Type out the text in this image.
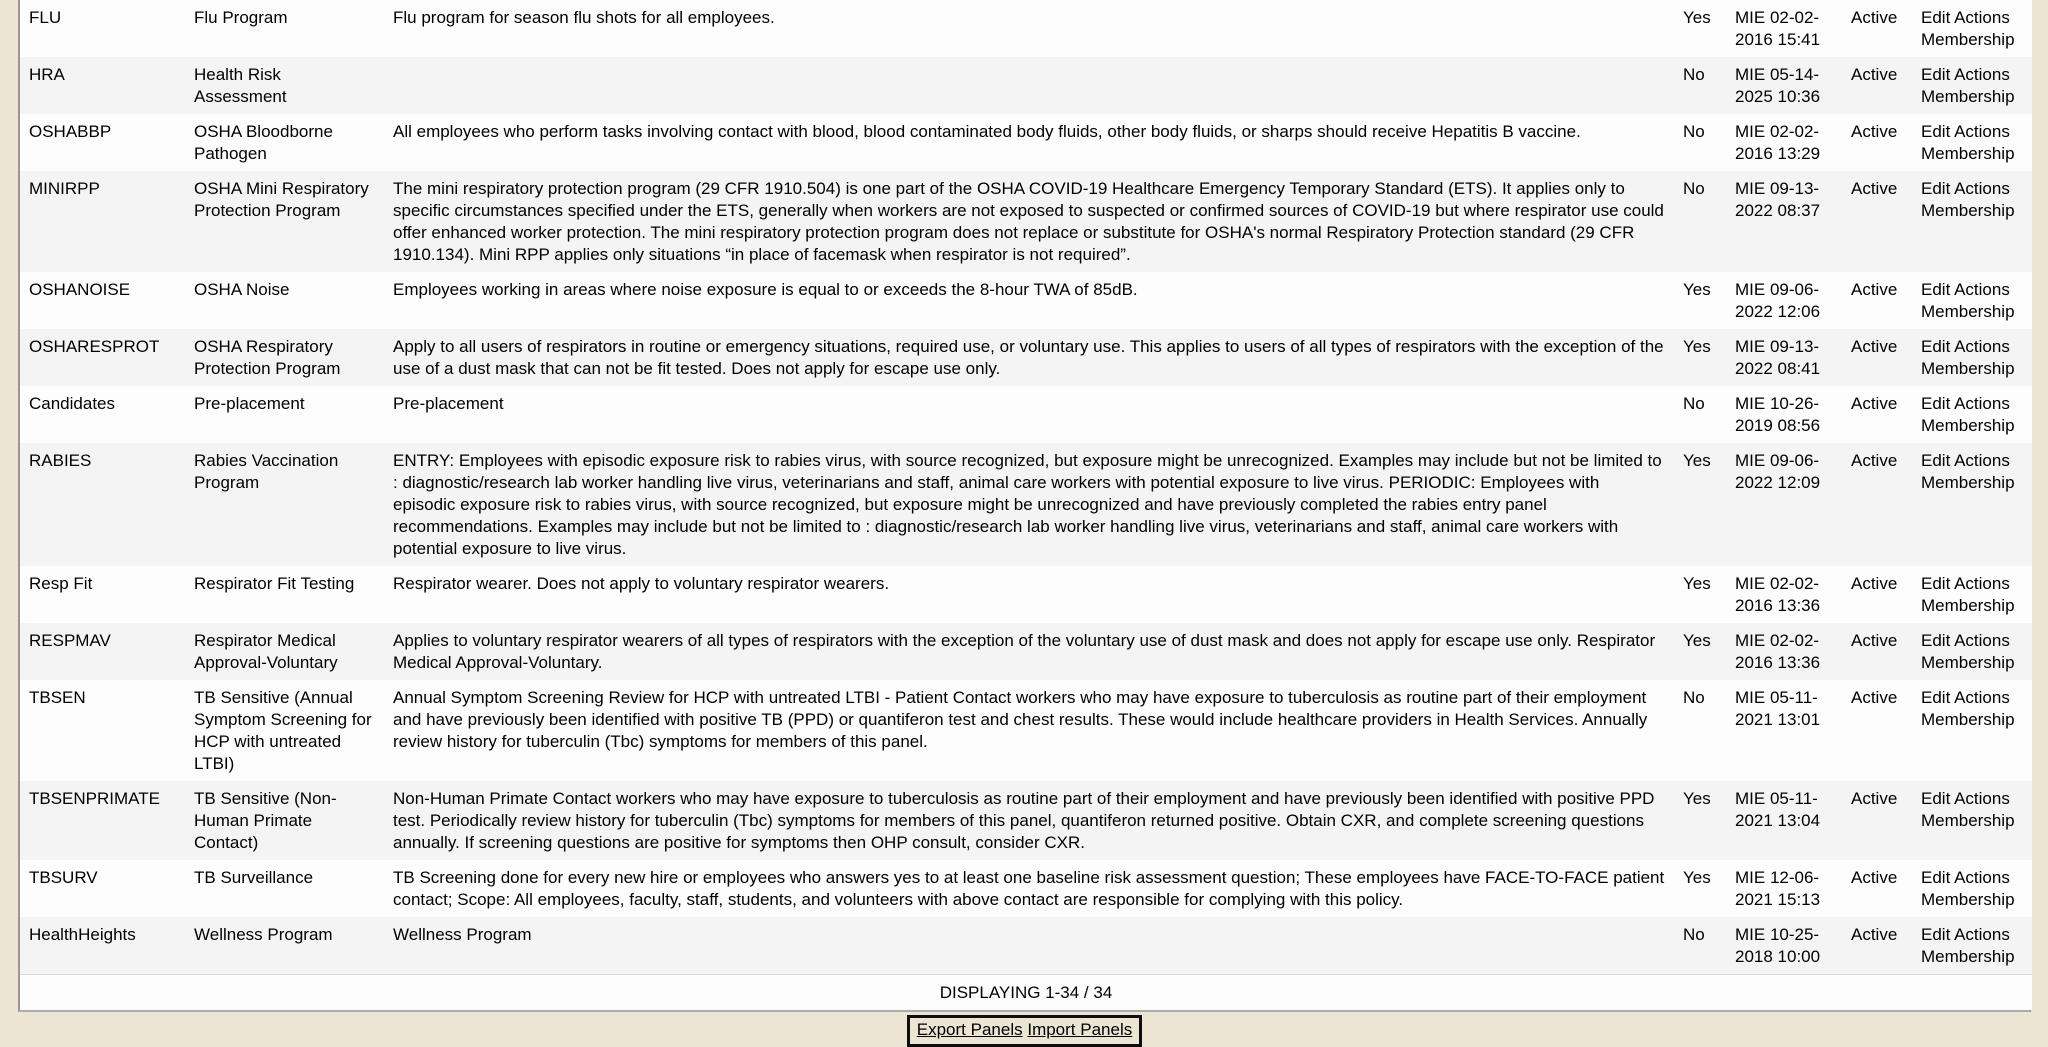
FLU	Flu Program	Flu program for season flu shots for all employees.	Yes	MIE 02-02-2016 15:41	Active	Edit Actions Membership
HRA	Health Risk Assessment		No	MIE 05-14-2025 10:36	Active	Edit Actions Membership
OSHABBP	OSHA Bloodborne Pathogen	All employees who perform tasks involving contact with blood, blood contaminated body fluids, other body fluids, or sharps should receive Hepatitis B vaccine.	No	MIE 02-02-2016 13:29	Active	Edit Actions Membership
MINIRPP	OSHA Mini Respiratory Protection Program	The mini respiratory protection program (29 CFR 1910.504) is one part of the OSHA COVID-19 Healthcare Emergency Temporary Standard (ETS). It applies only to specific circumstances specified under the ETS, generally when workers are not exposed to suspected or confirmed sources of COVID-19 but where respirator use could offer enhanced worker protection. The mini respiratory protection program does not replace or substitute for OSHA's normal Respiratory Protection standard (29 CFR 1910.134). Mini RPP applies only situations “in place of facemask when respirator is not required”.	No	MIE 09-13-2022 08:37	Active	Edit Actions Membership
OSHANOISE	OSHA Noise	Employees working in areas where noise exposure is equal to or exceeds the 8-hour TWA of 85dB.	Yes	MIE 09-06-2022 12:06	Active	Edit Actions Membership
OSHARESPROT	OSHA Respiratory Protection Program	Apply to all users of respirators in routine or emergency situations, required use, or voluntary use. This applies to users of all types of respirators with the exception of the use of a dust mask that can not be fit tested. Does not apply for escape use only.	Yes	MIE 09-13-2022 08:41	Active	Edit Actions Membership
Candidates	Pre-placement	Pre-placement	No	MIE 10-26-2019 08:56	Active	Edit Actions Membership
RABIES	Rabies Vaccination Program	ENTRY: Employees with episodic exposure risk to rabies virus, with source recognized, but exposure might be unrecognized. Examples may include but not be limited to : diagnostic/research lab worker handling live virus, veterinarians and staff, animal care workers with potential exposure to live virus. PERIODIC: Employees with episodic exposure risk to rabies virus, with source recognized, but exposure might be unrecognized and have previously completed the rabies entry panel recommendations. Examples may include but not be limited to : diagnostic/research lab worker handling live virus, veterinarians and staff, animal care workers with potential exposure to live virus.	Yes	MIE 09-06-2022 12:09	Active	Edit Actions Membership
Resp Fit	Respirator Fit Testing	Respirator wearer. Does not apply to voluntary respirator wearers.	Yes	MIE 02-02-2016 13:36	Active	Edit Actions Membership
RESPMAV	Respirator Medical Approval-Voluntary	Applies to voluntary respirator wearers of all types of respirators with the exception of the voluntary use of dust mask and does not apply for escape use only. Respirator Medical Approval-Voluntary.	Yes	MIE 02-02-2016 13:36	Active	Edit Actions Membership
TBSEN	TB Sensitive (Annual Symptom Screening for HCP with untreated LTBI)	Annual Symptom Screening Review for HCP with untreated LTBI - Patient Contact workers who may have exposure to tuberculosis as routine part of their employment and have previously been identified with positive TB (PPD) or quantiferon test and chest results. These would include healthcare providers in Health Services. Annually review history for tuberculin (Tbc) symptoms for members of this panel.	No	MIE 05-11-2021 13:01	Active	Edit Actions Membership
TBSENPRIMATE	TB Sensitive (Non-Human Primate Contact)	Non-Human Primate Contact workers who may have exposure to tuberculosis as routine part of their employment and have previously been identified with positive PPD test. Periodically review history for tuberculin (Tbc) symptoms for members of this panel, quantiferon returned positive. Obtain CXR, and complete screening questions annually. If screening questions are positive for symptoms then OHP consult, consider CXR.	Yes	MIE 05-11-2021 13:04	Active	Edit Actions Membership
TBSURV	TB Surveillance	TB Screening done for every new hire or employees who answers yes to at least one baseline risk assessment question; These employees have FACE-TO-FACE patient contact; Scope: All employees, faculty, staff, students, and volunteers with above contact are responsible for complying with this policy.	Yes	MIE 12-06-2021 15:13	Active	Edit Actions Membership
HealthHeights	Wellness Program	Wellness Program	No	MIE 10-25-2018 10:00	Active	Edit Actions Membership
DISPLAYING 1-34 / 34						
Export Panels Import Panels
